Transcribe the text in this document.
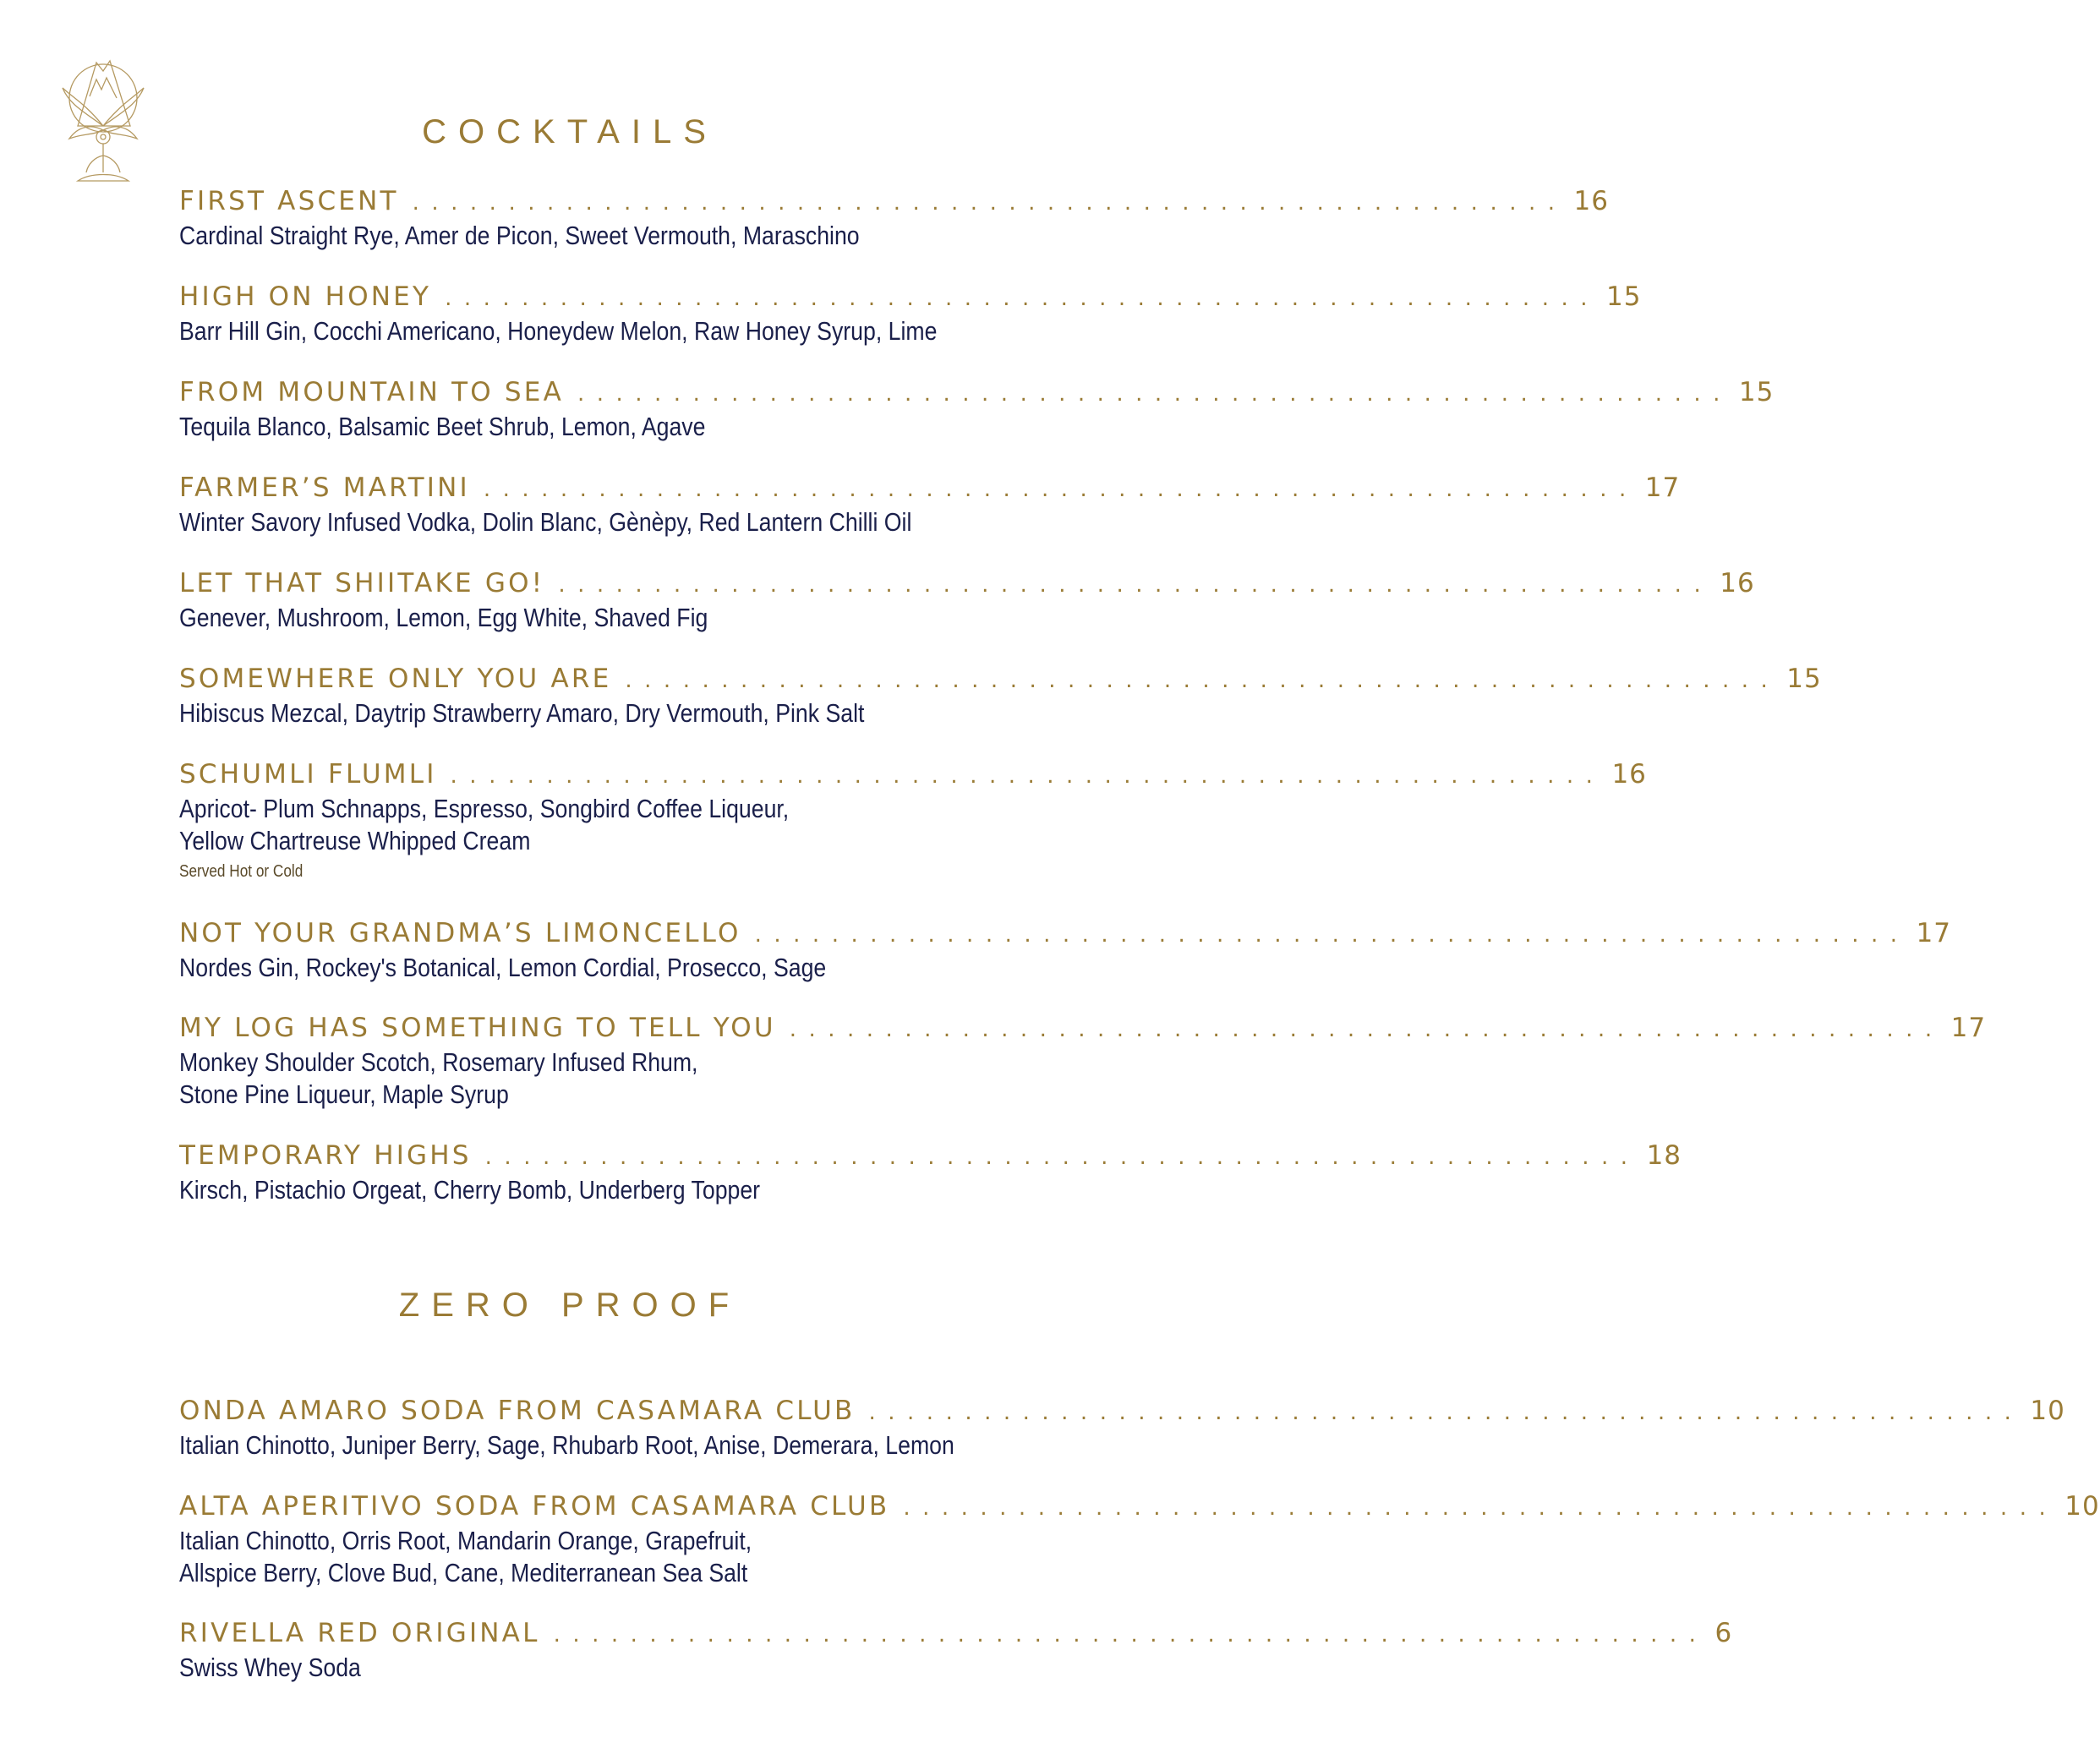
COCKTAILS
FIRST ASCENT ............................................................ 16
Cardinal Straight Rye, Amer de Picon, Sweet Vermouth, Maraschino
HIGH ON HONEY ............................................................ 15
Barr Hill Gin, Cocchi Americano, Honeydew Melon, Raw Honey Syrup, Lime
FROM MOUNTAIN TO SEA ............................................................ 15
Tequila Blanco, Balsamic Beet Shrub, Lemon, Agave
FARMER’S MARTINI ............................................................ 17
Winter Savory Infused Vodka, Dolin Blanc, Gènèpy, Red Lantern Chilli Oil
LET THAT SHIITAKE GO! ............................................................ 16
Genever, Mushroom, Lemon, Egg White, Shaved Fig
SOMEWHERE ONLY YOU ARE ............................................................ 15
Hibiscus Mezcal, Daytrip Strawberry Amaro, Dry Vermouth, Pink Salt
SCHUMLI FLUMLI ............................................................ 16
Apricot- Plum Schnapps, Espresso, Songbird Coffee Liqueur,
Yellow Chartreuse Whipped Cream
Served Hot or Cold
NOT YOUR GRANDMA’S LIMONCELLO ............................................................ 17
Nordes Gin, Rockey's Botanical, Lemon Cordial, Prosecco, Sage
MY LOG HAS SOMETHING TO TELL YOU ............................................................ 17
Monkey Shoulder Scotch, Rosemary Infused Rhum,
Stone Pine Liqueur, Maple Syrup
TEMPORARY HIGHS ............................................................ 18
Kirsch, Pistachio Orgeat, Cherry Bomb, Underberg Topper
ZERO PROOF
ONDA AMARO SODA FROM CASAMARA CLUB ............................................................ 10
Italian Chinotto, Juniper Berry, Sage, Rhubarb Root, Anise, Demerara, Lemon
ALTA APERITIVO SODA FROM CASAMARA CLUB ............................................................ 10
Italian Chinotto, Orris Root, Mandarin Orange, Grapefruit,
Allspice Berry, Clove Bud, Cane, Mediterranean Sea Salt
RIVELLA RED ORIGINAL ............................................................ 6
Swiss Whey Soda
